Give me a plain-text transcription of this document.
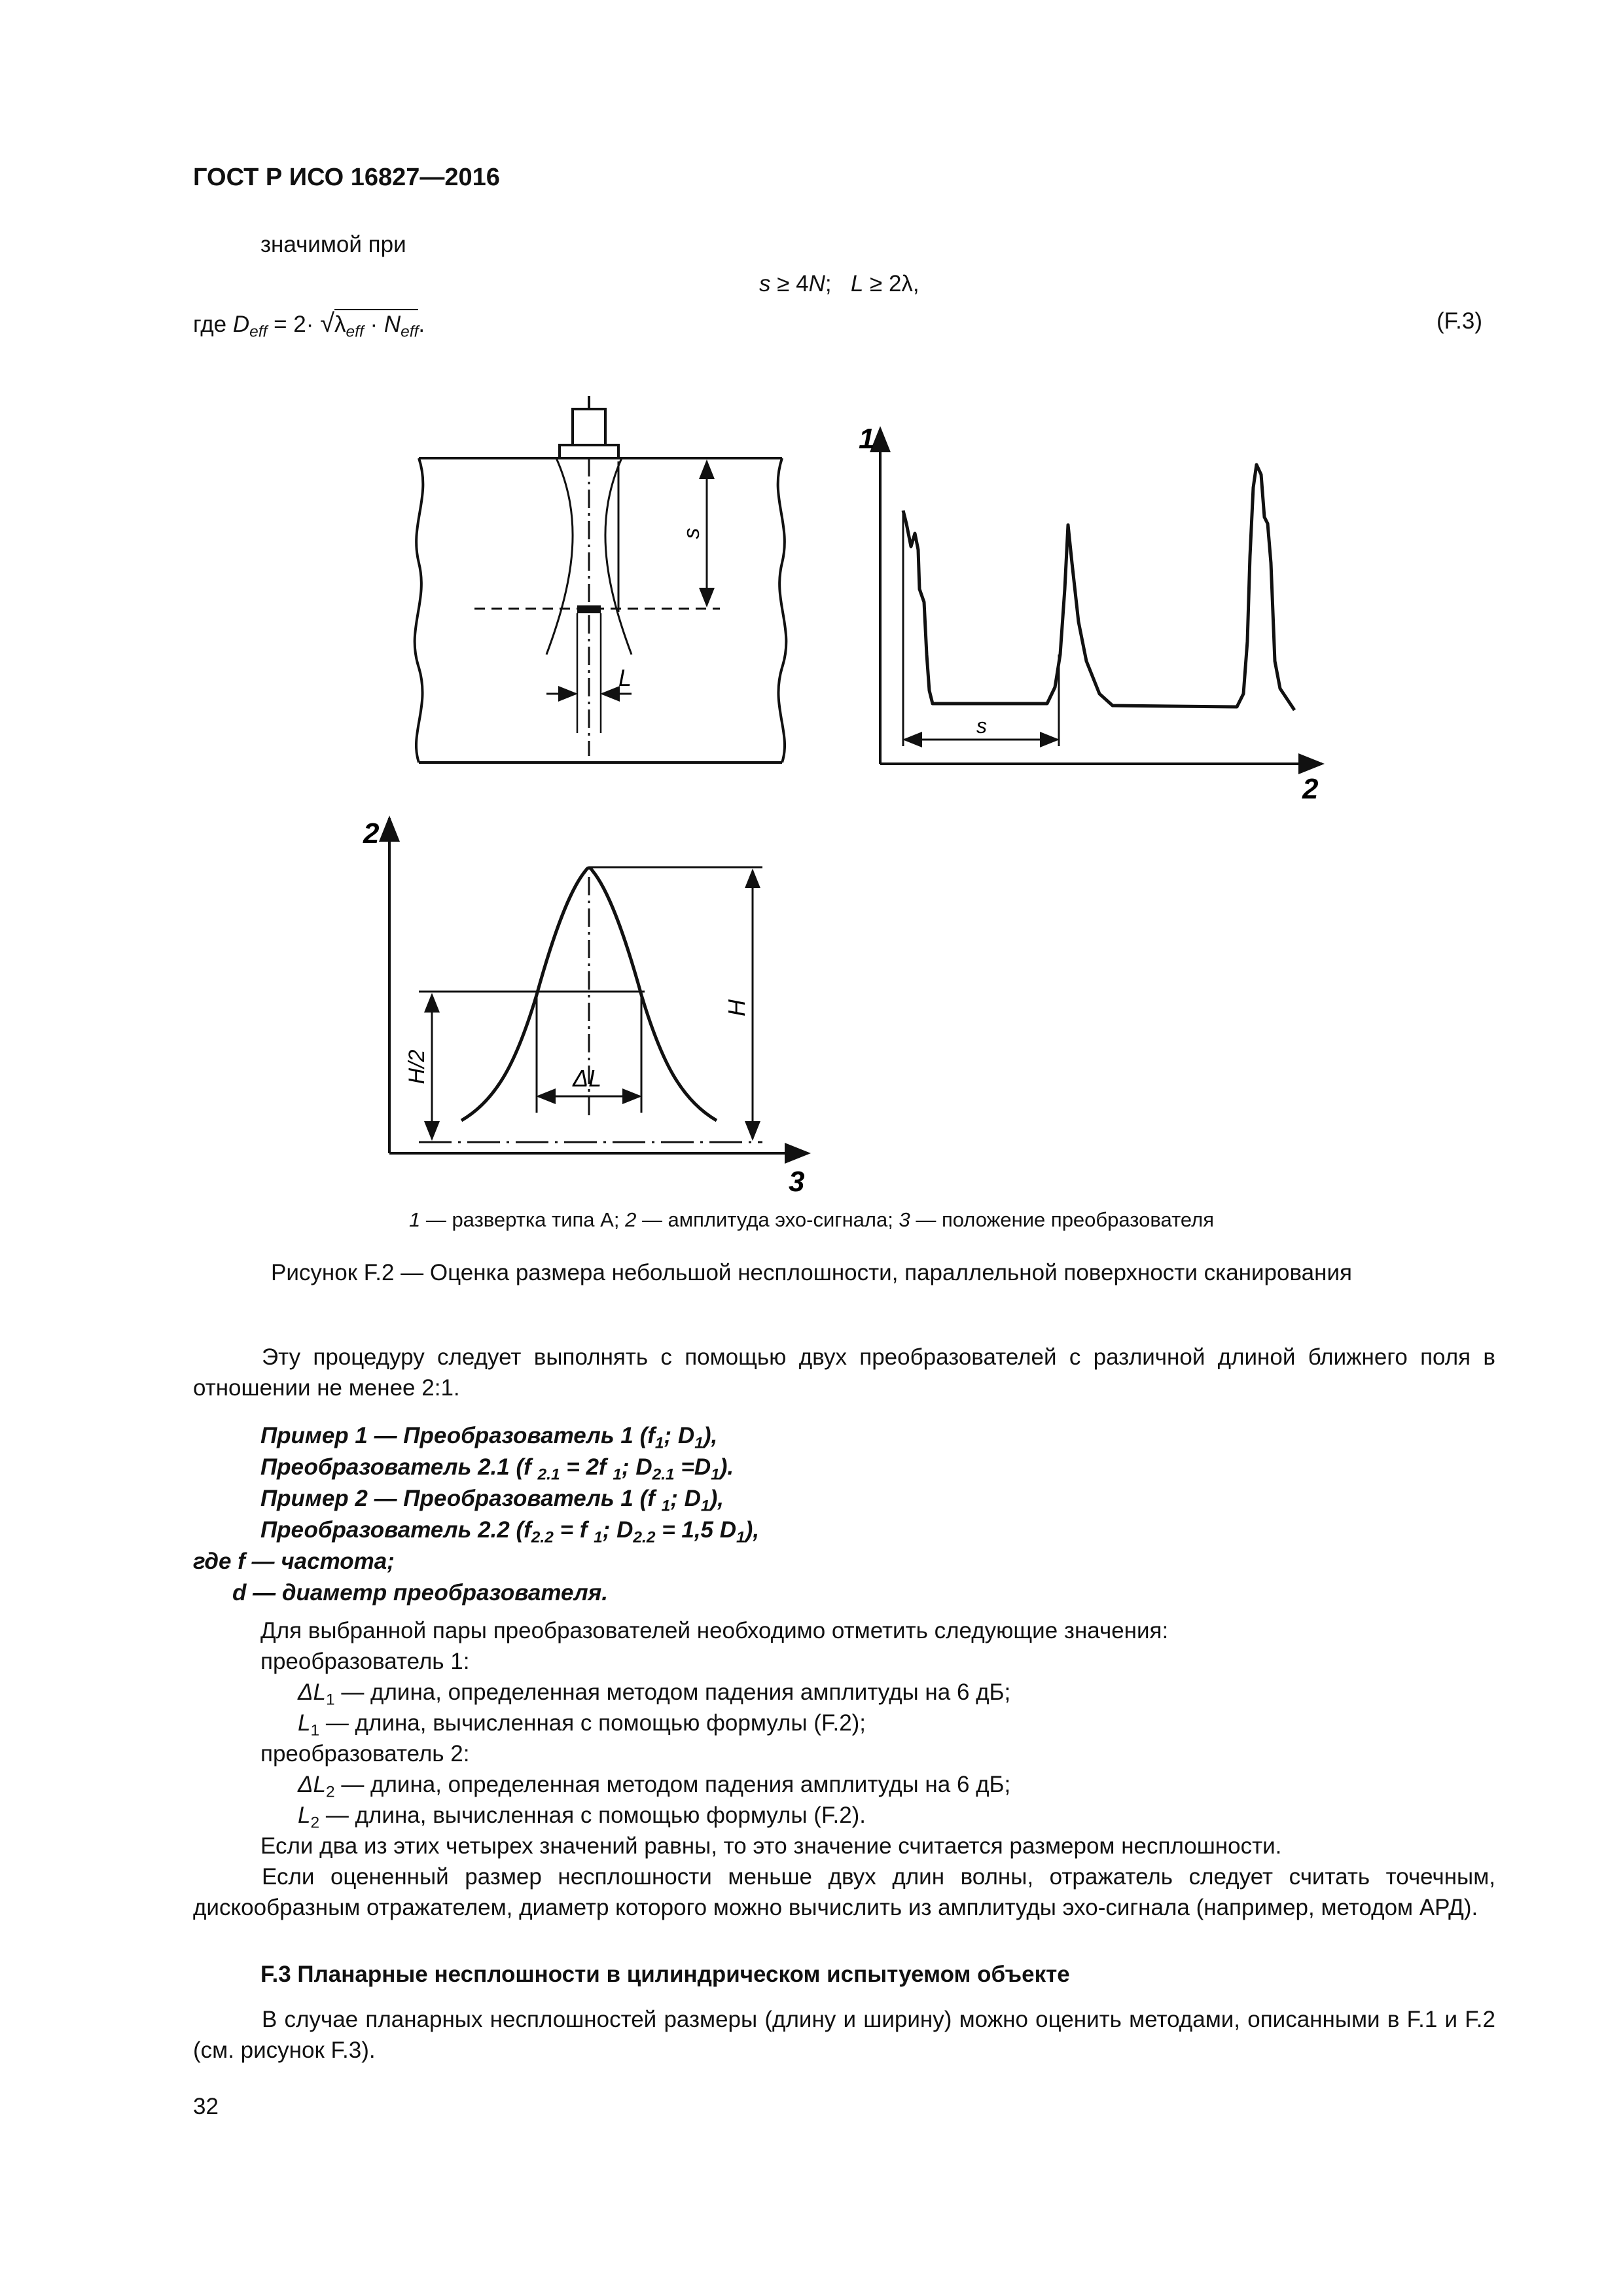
ГОСТ Р ИСО 16827—2016
значимой при
s ≥ 4N; L ≥ 2λ,
где $D_{eff} = 2\cdot √\lambda_{eff} \cdot N_{eff}$.	(F.3)
s
L
1
2
s
2
3
ΔL
H
H/2
1 — развертка типа А; 2 — амплитуда эхо-сигнала; 3 — положение преобразователя
Рисунок F.2 — Оценка размера небольшой несплошности, параллельной поверхности сканирования
Эту процедуру следует выполнять с помощью двух преобразователей с различной длиной ближнего поля в отношении не менее 2:1.
Пример 1 — Преобразователь 1 ($f_1$; $D_1$),
Преобразователь 2.1 (f $_{2.1}$ = 2f $_1$; $D_{2.1} =D_1$).
Пример 2 — Преобразователь 1 (f $_1$; $D_1$),
Преобразователь 2.2 ($f_{2.2} = f$ $_1$; $D_{2.2} = 1,5$ $D_1$),
где f — частота;
d — диаметр преобразователя.
Для выбранной пары преобразователей необходимо отметить следующие значения:
преобразователь 1:
$\Delta L_1$ — длина, определенная методом падения амплитуды на 6 дБ;
$L_1$ — длина, вычисленная с помощью формулы (F.2);
преобразователь 2:
$\Delta L_2$ — длина, определенная методом падения амплитуды на 6 дБ;
$L_2$ — длина, вычисленная с помощью формулы (F.2).
Если два из этих четырех значений равны, то это значение считается размером несплошности.
Если оцененный размер несплошности меньше двух длин волны, отражатель следует считать точечным, дискообразным отражателем, диаметр которого можно вычислить из амплитуды эхо-сигнала (например, методом АРД).
F.3 Планарные несплошности в цилиндрическом испытуемом объекте
В случае планарных несплошностей размеры (длину и ширину) можно оценить методами, описанными в F.1 и F.2 (см. рисунок F.3).
32
